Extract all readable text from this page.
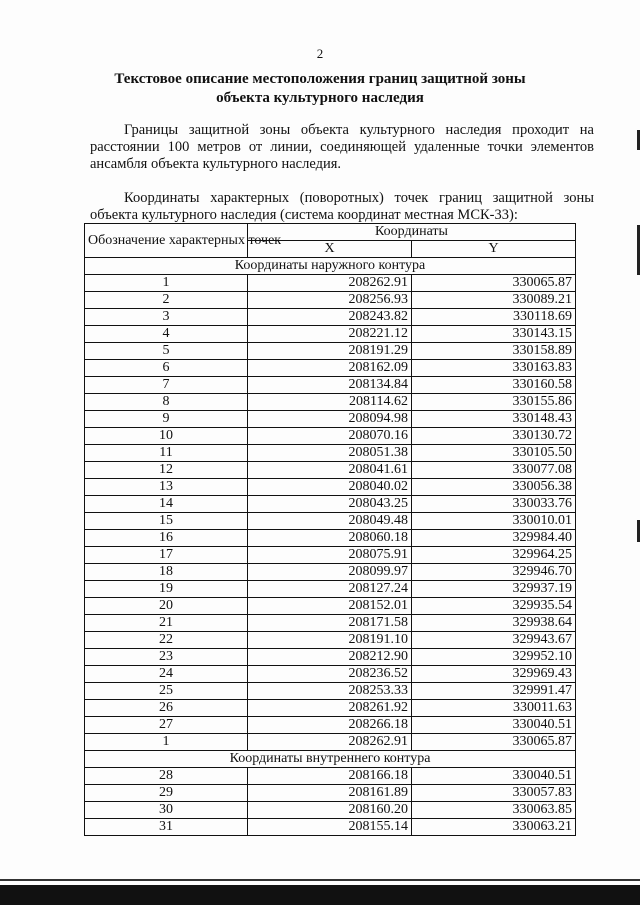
2
Текстовое описание местоположения границ защитной зоны
объекта культурного наследия
Границы защитной зоны объекта культурного наследия проходит на расстоянии 100 метров от линии, соединяющей удаленные точки элементов ансамбля объекта культурного наследия.
Координаты характерных (поворотных) точек границ защитной зоны объекта культурного наследия (система координат местная МСК-33):
Обозначение характерных точек	Координаты	
	X	Y
Координаты наружного контура		
1	208262.91	330065.87
2	208256.93	330089.21
3	208243.82	330118.69
4	208221.12	330143.15
5	208191.29	330158.89
6	208162.09	330163.83
7	208134.84	330160.58
8	208114.62	330155.86
9	208094.98	330148.43
10	208070.16	330130.72
11	208051.38	330105.50
12	208041.61	330077.08
13	208040.02	330056.38
14	208043.25	330033.76
15	208049.48	330010.01
16	208060.18	329984.40
17	208075.91	329964.25
18	208099.97	329946.70
19	208127.24	329937.19
20	208152.01	329935.54
21	208171.58	329938.64
22	208191.10	329943.67
23	208212.90	329952.10
24	208236.52	329969.43
25	208253.33	329991.47
26	208261.92	330011.63
27	208266.18	330040.51
1	208262.91	330065.87
Координаты внутреннего контура		
28	208166.18	330040.51
29	208161.89	330057.83
30	208160.20	330063.85
31	208155.14	330063.21
